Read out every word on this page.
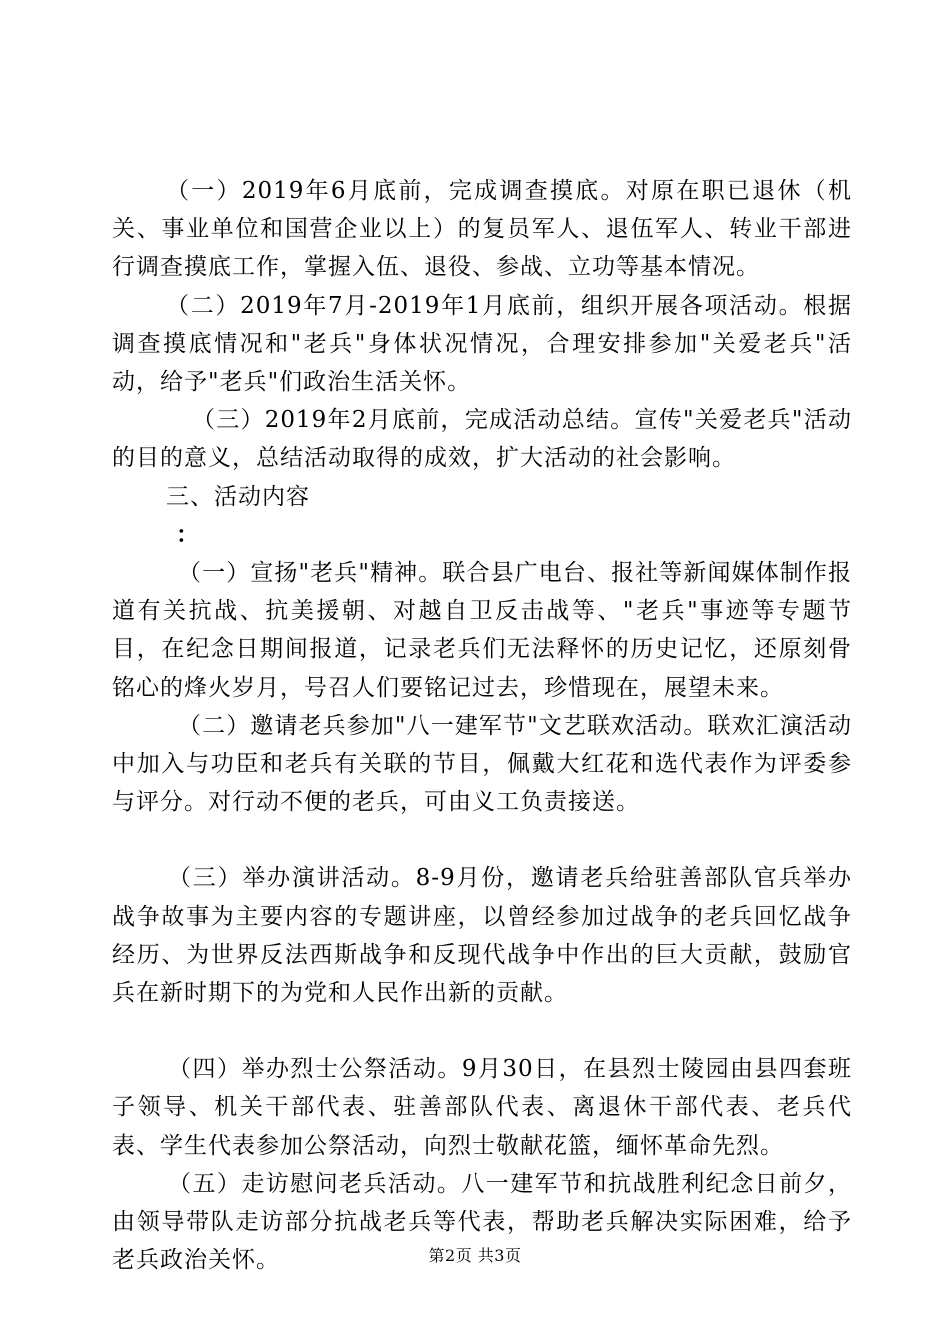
（一）2019年6月底前，完成调查摸底。对原在职已退休（机关、事业单位和国营企业以上）的复员军人、退伍军人、转业干部进行调查摸底工作，掌握入伍、退役、参战、立功等基本情况。

（二）2019年7月-2019年1月底前，组织开展各项活动。根据调查摸底情况和"老兵"身体状况情况，合理安排参加"关爱老兵"活动，给予"老兵"们政治生活关怀。

（三）2019年2月底前，完成活动总结。宣传"关爱老兵"活动的目的意义，总结活动取得的成效，扩大活动的社会影响。

三、活动内容

：

（一）宣扬"老兵"精神。联合县广电台、报社等新闻媒体制作报道有关抗战、抗美援朝、对越自卫反击战等、"老兵"事迹等专题节目，在纪念日期间报道，记录老兵们无法释怀的历史记忆，还原刻骨铭心的烽火岁月，号召人们要铭记过去，珍惜现在，展望未来。

（二）邀请老兵参加"八一建军节"文艺联欢活动。联欢汇演活动中加入与功臣和老兵有关联的节目，佩戴大红花和选代表作为评委参与评分。对行动不便的老兵，可由义工负责接送。

（三）举办演讲活动。8-9月份，邀请老兵给驻善部队官兵举办战争故事为主要内容的专题讲座，以曾经参加过战争的老兵回忆战争经历、为世界反法西斯战争和反现代战争中作出的巨大贡献，鼓励官兵在新时期下的为党和人民作出新的贡献。

（四）举办烈士公祭活动。9月30日，在县烈士陵园由县四套班子领导、机关干部代表、驻善部队代表、离退休干部代表、老兵代表、学生代表参加公祭活动，向烈士敬献花篮，缅怀革命先烈。

（五）走访慰问老兵活动。八一建军节和抗战胜利纪念日前夕，由领导带队走访部分抗战老兵等代表，帮助老兵解决实际困难，给予老兵政治关怀。	第2页 共3页
